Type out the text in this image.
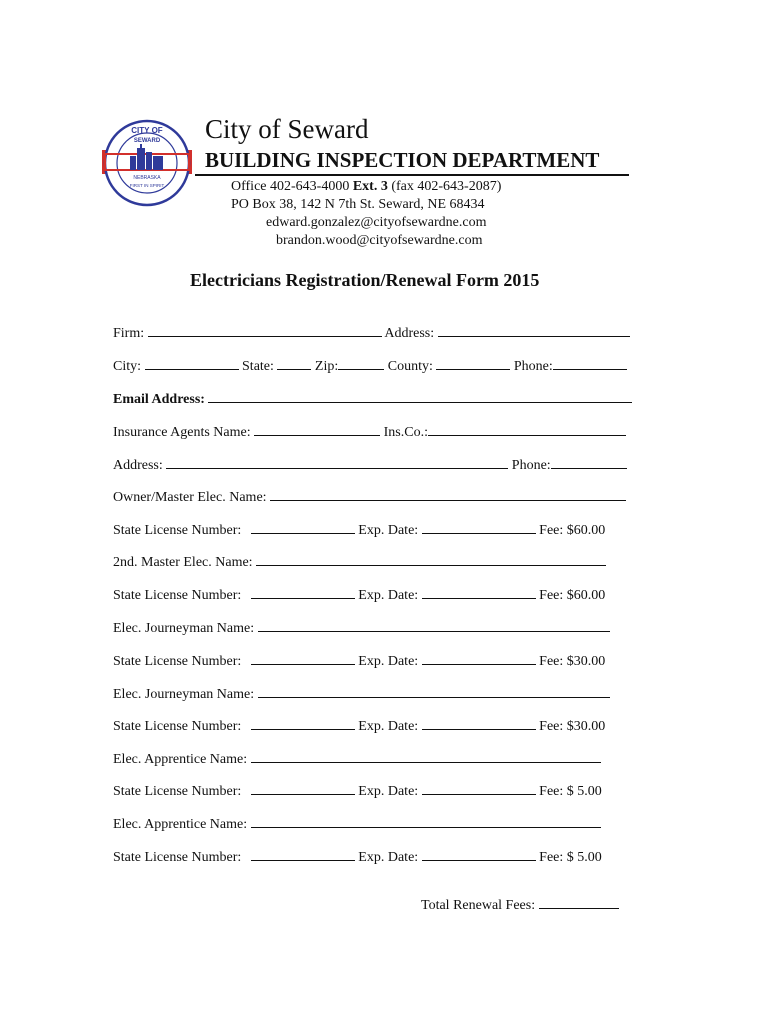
CITY OF
SEWARD
NEBRASKA
FIRST IN SPIRIT
City of Seward
BUILDING INSPECTION DEPARTMENT
Office 402-643-4000 Ext. 3 (fax 402-643-2087)
PO Box 38, 142 N 7th St. Seward, NE 68434
edward.gonzalez@cityofsewardne.com
brandon.wood@cityofsewardne.com
Electricians Registration/Renewal Form 2015
Firm:	Address:
City:	State:	Zip:	County:	Phone:
Email Address:
Insurance Agents Name:	Ins.Co.:
Address:	Phone:
Owner/Master Elec. Name:
State License Number:	Exp. Date:	Fee: $60.00
2nd. Master Elec. Name:
State License Number:	Exp. Date:	Fee: $60.00
Elec. Journeyman Name:
State License Number:	Exp. Date:	Fee: $30.00
Elec. Journeyman Name:
State License Number:	Exp. Date:	Fee: $30.00
Elec. Apprentice Name:
State License Number:	Exp. Date:	Fee: $ 5.00
Elec. Apprentice Name:
State License Number:	Exp. Date:	Fee: $ 5.00
Total Renewal Fees:
